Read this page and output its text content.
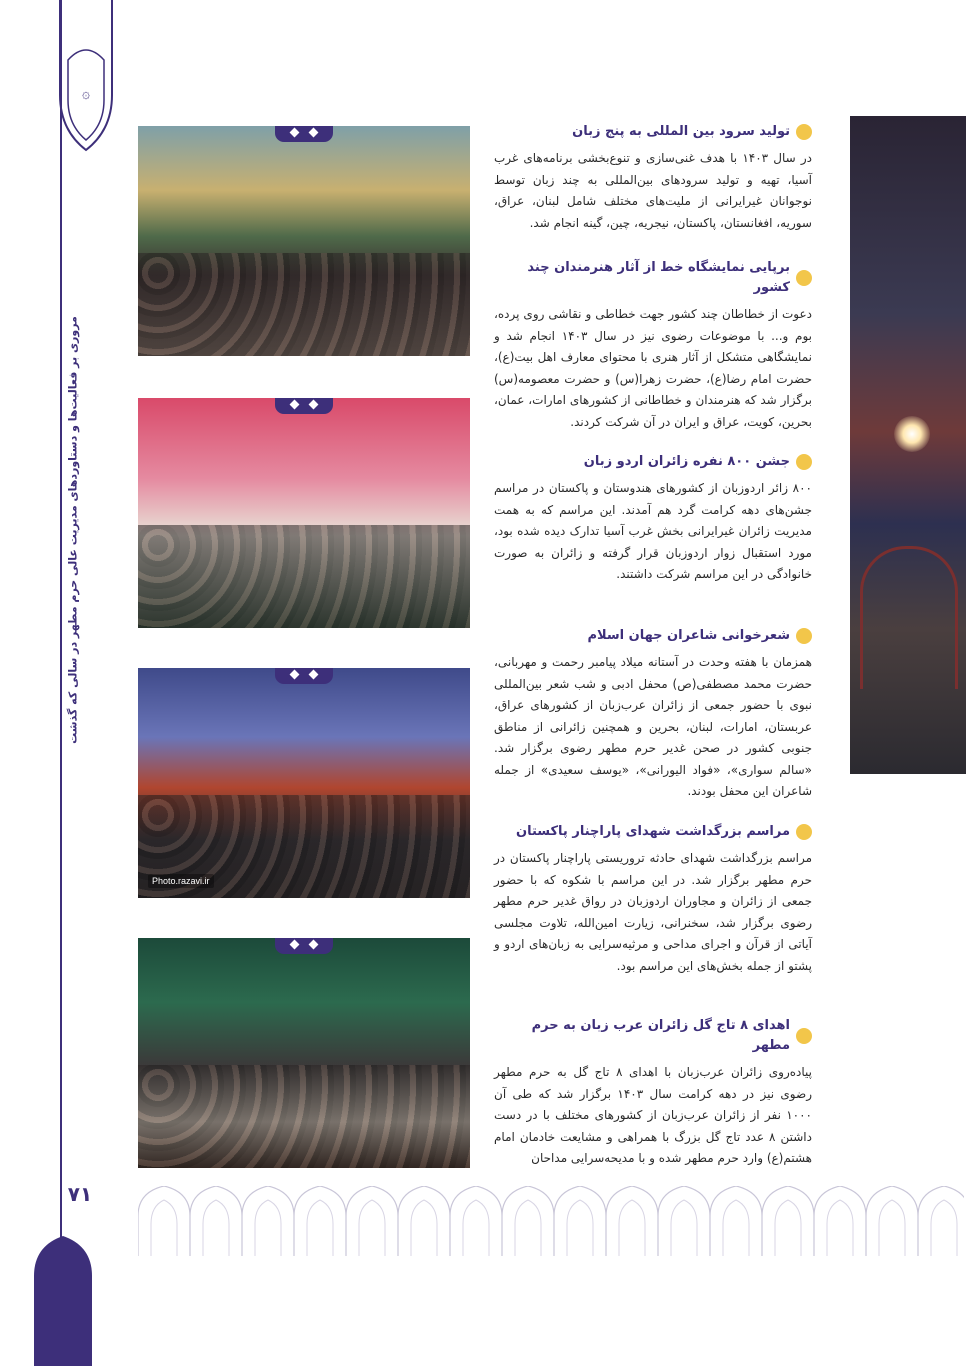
۞
مروری بر فعالیت‌ها و دستاوردهای مدیریت عالی حرم مطهر در سالی که گذشت
۷۱
Photo.razavi.ir
تولید سرود بین المللی به پنج زبان

در سال ۱۴۰۳ با هدف غنی‌سازی و تنوع‌بخشی برنامه‌های غرب آسیا، تهیه و تولید سرودهای بین‌المللی به چند زبان توسط نوجوانان غیرایرانی از ملیت‌های مختلف شامل لبنان، عراق، سوریه، افغانستان، پاکستان، نیجریه، چین، گینه انجام شد.

برپایی نمایشگاه خط از آثار هنرمندان چند کشور

دعوت از خطاطان چند کشور جهت خطاطی و نقاشی روی پرده، بوم و... با موضوعات رضوی نیز در سال ۱۴۰۳ انجام شد و نمایشگاهی متشکل از آثار هنری با محتوای معارف اهل بیت(ع)، حضرت امام رضا(ع)، حضرت زهرا(س) و حضرت معصومه(س) برگزار شد که هنرمندان و خطاطانی از کشورهای امارات، عمان، بحرین، کویت، عراق و ایران در آن شرکت کردند.

جشن ۸۰۰ نفره زائران اردو زبان

۸۰۰ زائر اردوزبان از کشورهای هندوستان و پاکستان در مراسم جشن‌های دهه کرامت گرد هم آمدند. این مراسم که به همت مدیریت زائران غیرایرانی بخش غرب آسیا تدارک دیده شده بود، مورد استقبال زوار اردوزبان قرار گرفته و زائران به صورت خانوادگی در این مراسم شرکت داشتند.

شعرخوانی شاعران جهان اسلام

همزمان با هفته وحدت در آستانه میلاد پیامبر رحمت و مهربانی، حضرت محمد مصطفی(ص) محفل ادبی و شب شعر بین‌المللی نبوی با حضور جمعی از زائران عرب‌زبان از کشورهای عراق، عربستان، امارات، لبنان، بحرین و همچنین زائرانی از مناطق جنوبی کشور در صحن غدیر حرم مطهر رضوی برگزار شد. «سالم سواری»، «فواد الیورانی»، «یوسف سعیدی» از جمله شاعران این محفل بودند.

مراسم بزرگداشت شهدای پاراچنار پاکستان

مراسم بزرگداشت شهدای حادثه تروریستی پاراچنار پاکستان در حرم مطهر برگزار شد. در این مراسم با شکوه که با حضور جمعی از زائران و مجاوران اردوزبان در رواق غدیر حرم مطهر رضوی برگزار شد، سخنرانی، زیارت امین‌الله، تلاوت مجلسی آیاتی از قرآن و اجرای مداحی و مرثیه‌سرایی به زبان‌های اردو و پشتو از جمله بخش‌های این مراسم بود.

اهدای ۸ تاج گل زائران عرب زبان به حرم مطهر

پیاده‌روی زائران عرب‌زبان با اهدای ۸ تاج گل به حرم مطهر رضوی نیز در دهه کرامت سال ۱۴۰۳ برگزار شد که طی آن ۱۰۰۰ نفر از زائران عرب‌زبان از کشورهای مختلف با در دست داشتن ۸ عدد تاج گل بزرگ با همراهی و مشایعت خادمان امام هشتم(ع) وارد حرم مطهر شده و با مدیحه‌سرایی مداحان
